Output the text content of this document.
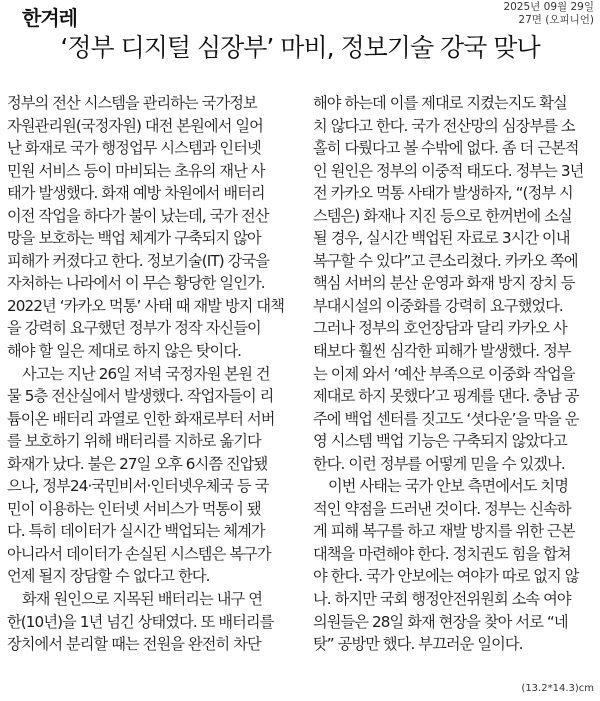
한겨레	2025년 09월 29일
27면 (오피니언)
‘정부 디지털 심장부’ 마비, 정보기술 강국 맞나
정부의 전산 시스템을 관리하는 국가정보
자원관리원(국정자원) 대전 본원에서 일어
난 화재로 국가 행정업무 시스템과 인터넷
민원 서비스 등이 마비되는 초유의 재난 사
태가 발생했다. 화재 예방 차원에서 배터리
이전 작업을 하다가 불이 났는데, 국가 전산
망을 보호하는 백업 체계가 구축되지 않아
피해가 커졌다고 한다. 정보기술(IT) 강국을
자처하는 나라에서 이 무슨 황당한 일인가.
2022년 ‘카카오 먹통’ 사태 때 재발 방지 대책
을 강력히 요구했던 정부가 정작 자신들이
해야 할 일은 제대로 하지 않은 탓이다.
사고는 지난 26일 저녁 국정자원 본원 건
물 5층 전산실에서 발생했다. 작업자들이 리
튬이온 배터리 과열로 인한 화재로부터 서버
를 보호하기 위해 배터리를 지하로 옮기다
화재가 났다. 불은 27일 오후 6시쯤 진압됐
으나, 정부24·국민비서·인터넷우체국 등 국
민이 이용하는 인터넷 서비스가 먹통이 됐
다. 특히 데이터가 실시간 백업되는 체계가
아니라서 데이터가 손실된 시스템은 복구가
언제 될지 장담할 수 없다고 한다.
화재 원인으로 지목된 배터리는 내구 연
한(10년)을 1년 넘긴 상태였다. 또 배터리를
장치에서 분리할 때는 전원을 완전히 차단
해야 하는데 이를 제대로 지켰는지도 확실
치 않다고 한다. 국가 전산망의 심장부를 소
홀히 다뤘다고 볼 수밖에 없다. 좀 더 근본적
인 원인은 정부의 이중적 태도다. 정부는 3년
전 카카오 먹통 사태가 발생하자, “(정부 시
스템은) 화재나 지진 등으로 한꺼번에 소실
될 경우, 실시간 백업된 자료로 3시간 이내
복구할 수 있다”고 큰소리쳤다. 카카오 쪽에
핵심 서버의 분산 운영과 화재 방지 장치 등
부대시설의 이중화를 강력히 요구했었다.
그러나 정부의 호언장담과 달리 카카오 사
태보다 훨씬 심각한 피해가 발생했다. 정부
는 이제 와서 ‘예산 부족으로 이중화 작업을
제대로 하지 못했다’고 핑계를 댄다. 충남 공
주에 백업 센터를 짓고도 ‘셧다운’을 막을 운
영 시스템 백업 기능은 구축되지 않았다고
한다. 이런 정부를 어떻게 믿을 수 있겠나.
이번 사태는 국가 안보 측면에서도 치명
적인 약점을 드러낸 것이다. 정부는 신속하
게 피해 복구를 하고 재발 방지를 위한 근본
대책을 마련해야 한다. 정치권도 힘을 합쳐
야 한다. 국가 안보에는 여야가 따로 없지 않
나. 하지만 국회 행정안전위원회 소속 여야
의원들은 28일 화재 현장을 찾아 서로 “네
탓” 공방만 했다. 부끄러운 일이다.
(13.2*14.3)cm
